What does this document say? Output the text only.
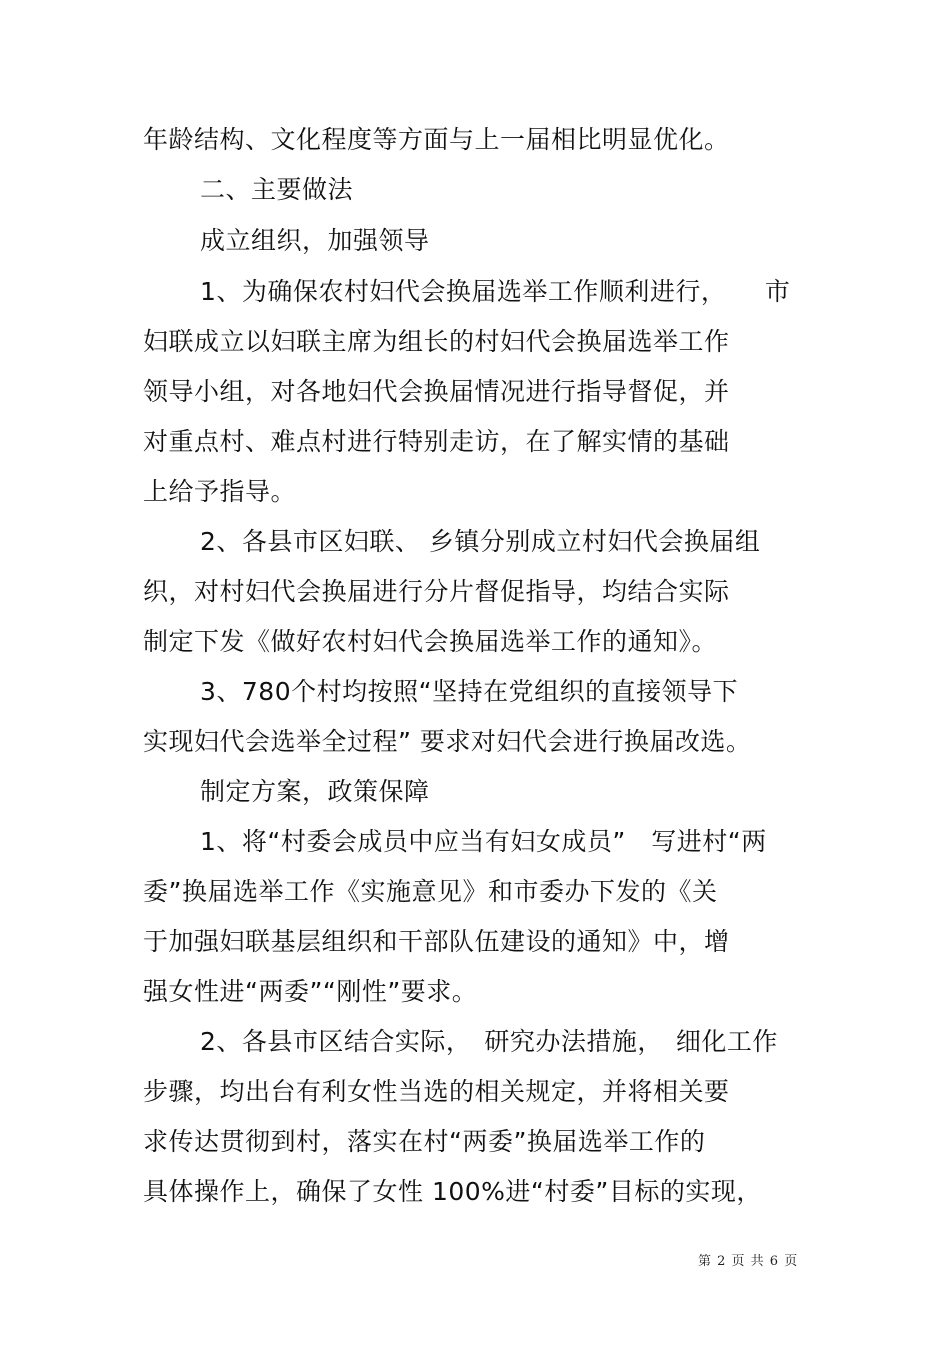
年龄结构、文化程度等方面与上一届相比明显优化。
二、主要做法
成立组织，加强领导
1、为确保农村妇代会换届选举工作顺利进行，　　市
妇联成立以妇联主席为组长的村妇代会换届选举工作
领导小组，对各地妇代会换届情况进行指导督促，并
对重点村、难点村进行特别走访，在了解实情的基础
上给予指导。
2、各县市区妇联、 乡镇分别成立村妇代会换届组
织，对村妇代会换届进行分片督促指导，均结合实际
制定下发《做好农村妇代会换届选举工作的通知》。
3、780个村均按照“坚持在党组织的直接领导下
实现妇代会选举全过程” 要求对妇代会进行换届改选。
制定方案，政策保障
1、将“村委会成员中应当有妇女成员”　写进村“两
委”换届选举工作《实施意见》和市委办下发的《关
于加强妇联基层组织和干部队伍建设的通知》中，增
强女性进“两委”“刚性”要求。
2、各县市区结合实际，　研究办法措施，　细化工作
步骤，均出台有利女性当选的相关规定，并将相关要
求传达贯彻到村，落实在村“两委”换届选举工作的
具体操作上，确保了女性 100%进“村委”目标的实现，
第 2 页 共 6 页
